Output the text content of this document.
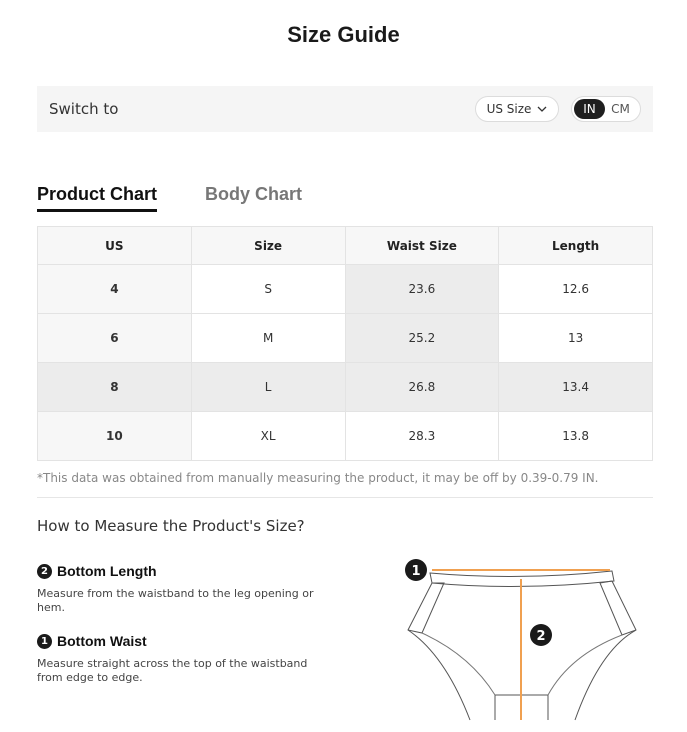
Size Guide
Switch to	US Size	IN	CM
Product Chart	Body Chart
US	Size	Waist Size	Length
4	S	23.6	12.6
6	M	25.2	13
8	L	26.8	13.4
10	XL	28.3	13.8
*This data was obtained from manually measuring the product, it may be off by 0.39-0.79 IN.
How to Measure the Product's Size?
2 Bottom Length
Measure from the waistband to the leg opening or hem.
1 Bottom Waist
Measure straight across the top of the waistband from edge to edge.
1
2
